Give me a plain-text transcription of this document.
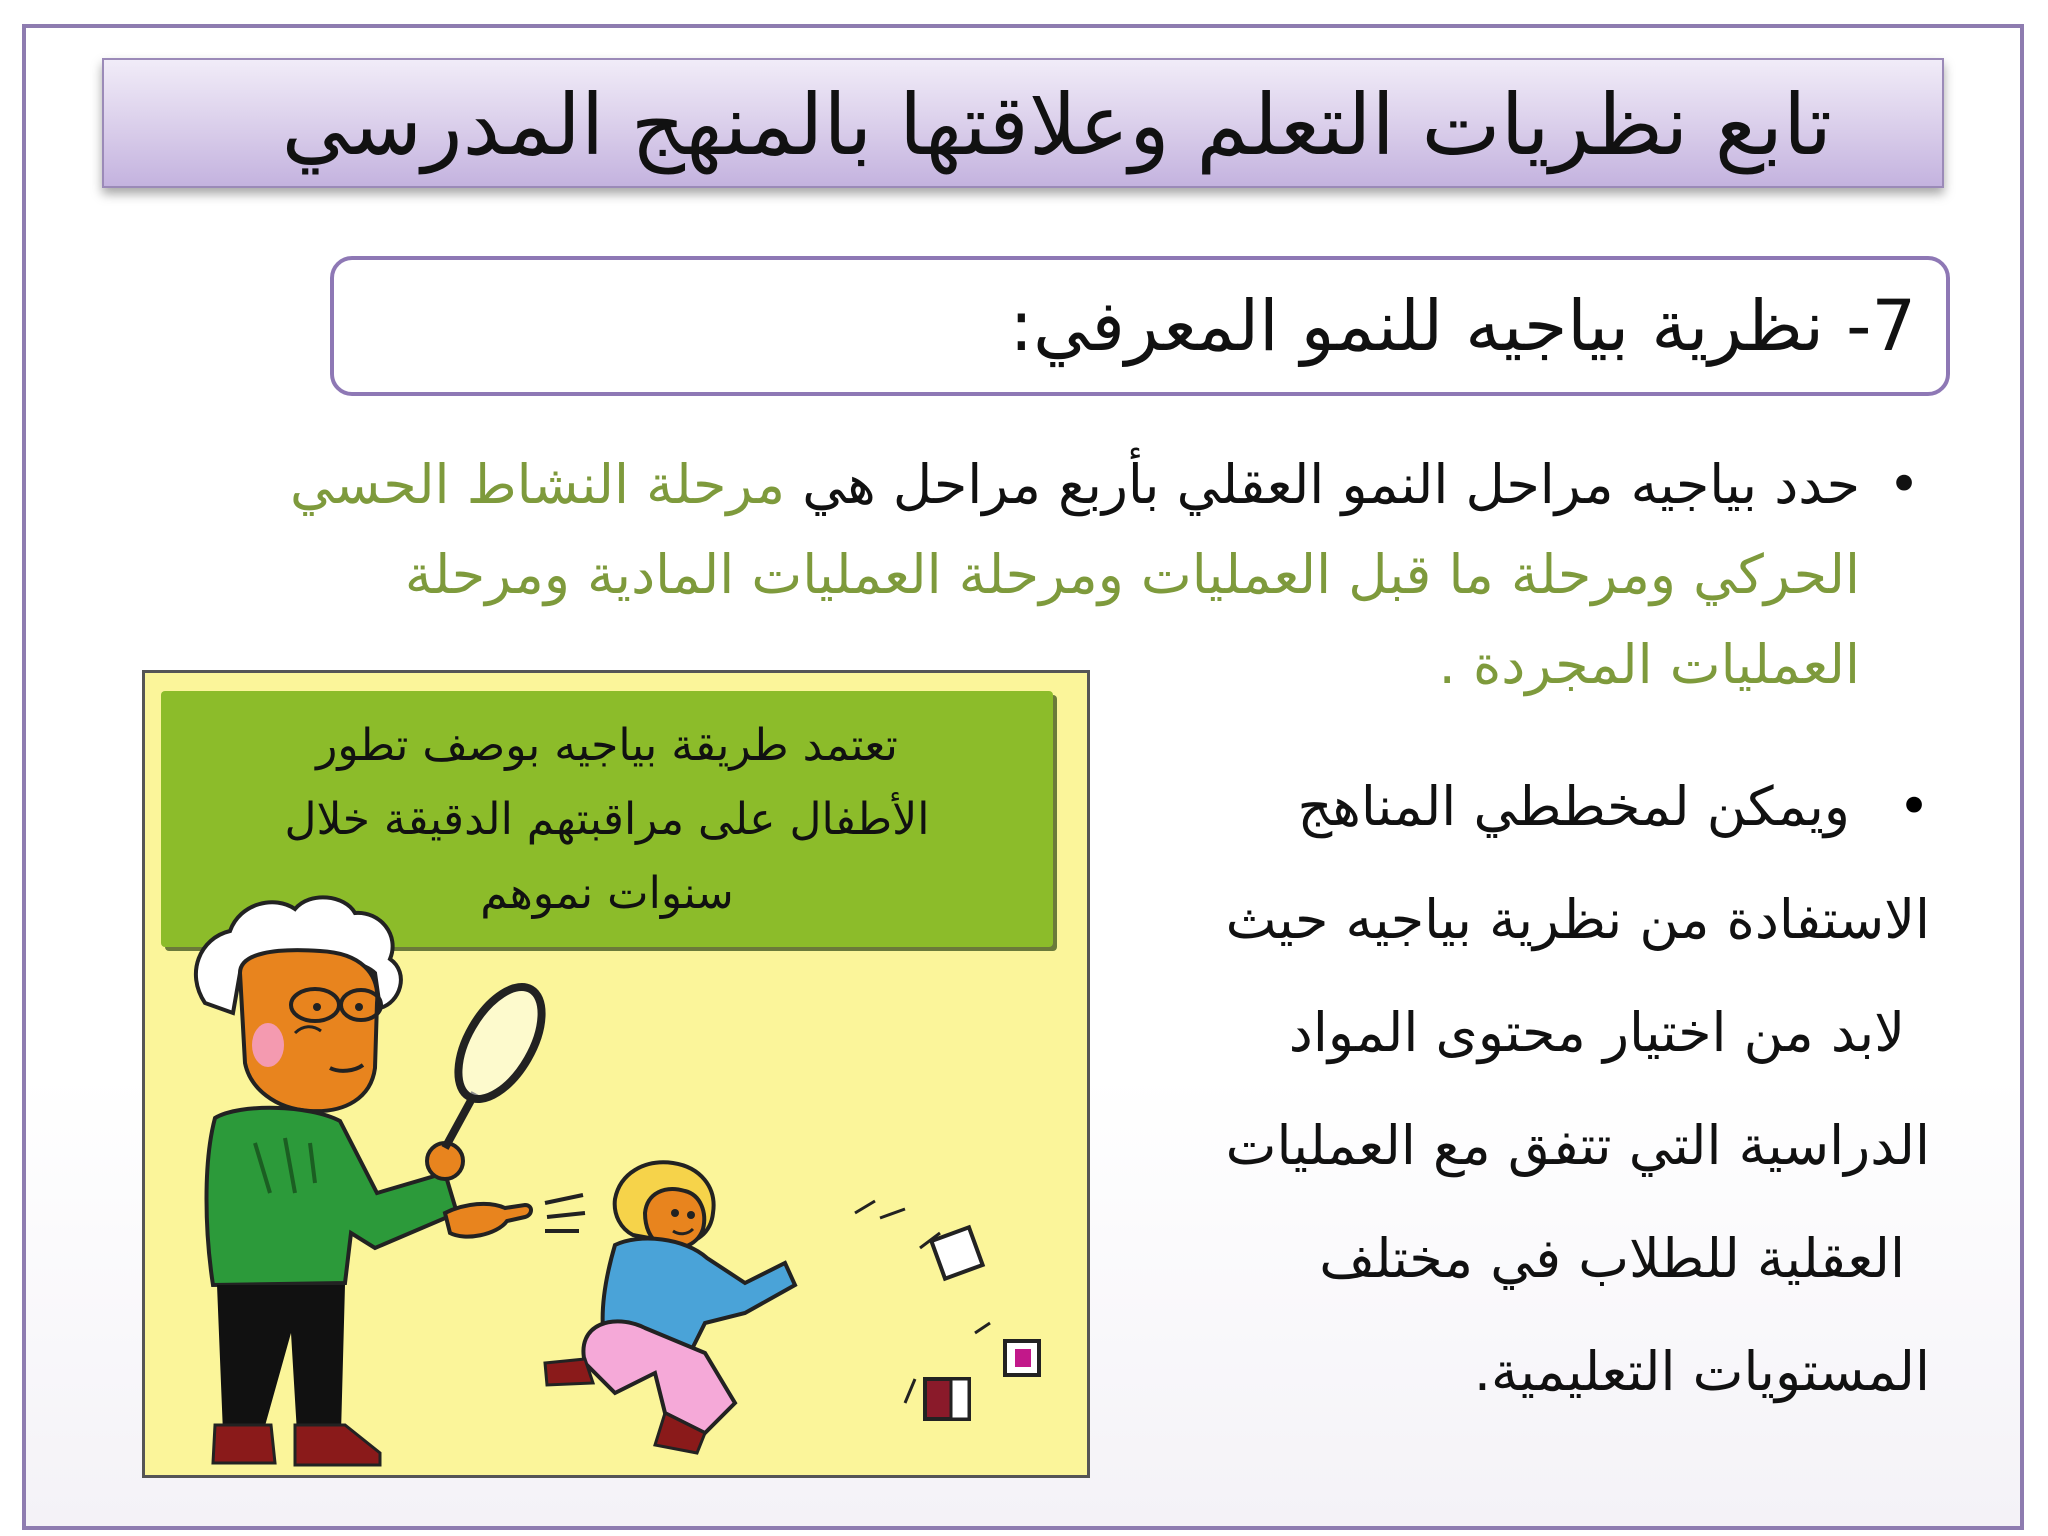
تابع نظريات التعلم وعلاقتها بالمنهج المدرسي
7- نظرية بياجيه للنمو المعرفي:
•
حدد بياجيه مراحل النمو العقلي بأربع مراحل هي مرحلة النشاط الحسي الحركي ومرحلة ما قبل العمليات ومرحلة العمليات المادية ومرحلة العمليات المجردة .
•
ويمكن لمخططي المناهج
الاستفادة من نظرية بياجيه حيث
لابد من اختيار محتوى المواد
الدراسية التي تتفق مع العمليات
العقلية للطلاب في مختلف
المستويات التعليمية.
تعتمد طريقة بياجيه بوصف تطور
الأطفال على مراقبتهم الدقيقة خلال
سنوات نموهم
